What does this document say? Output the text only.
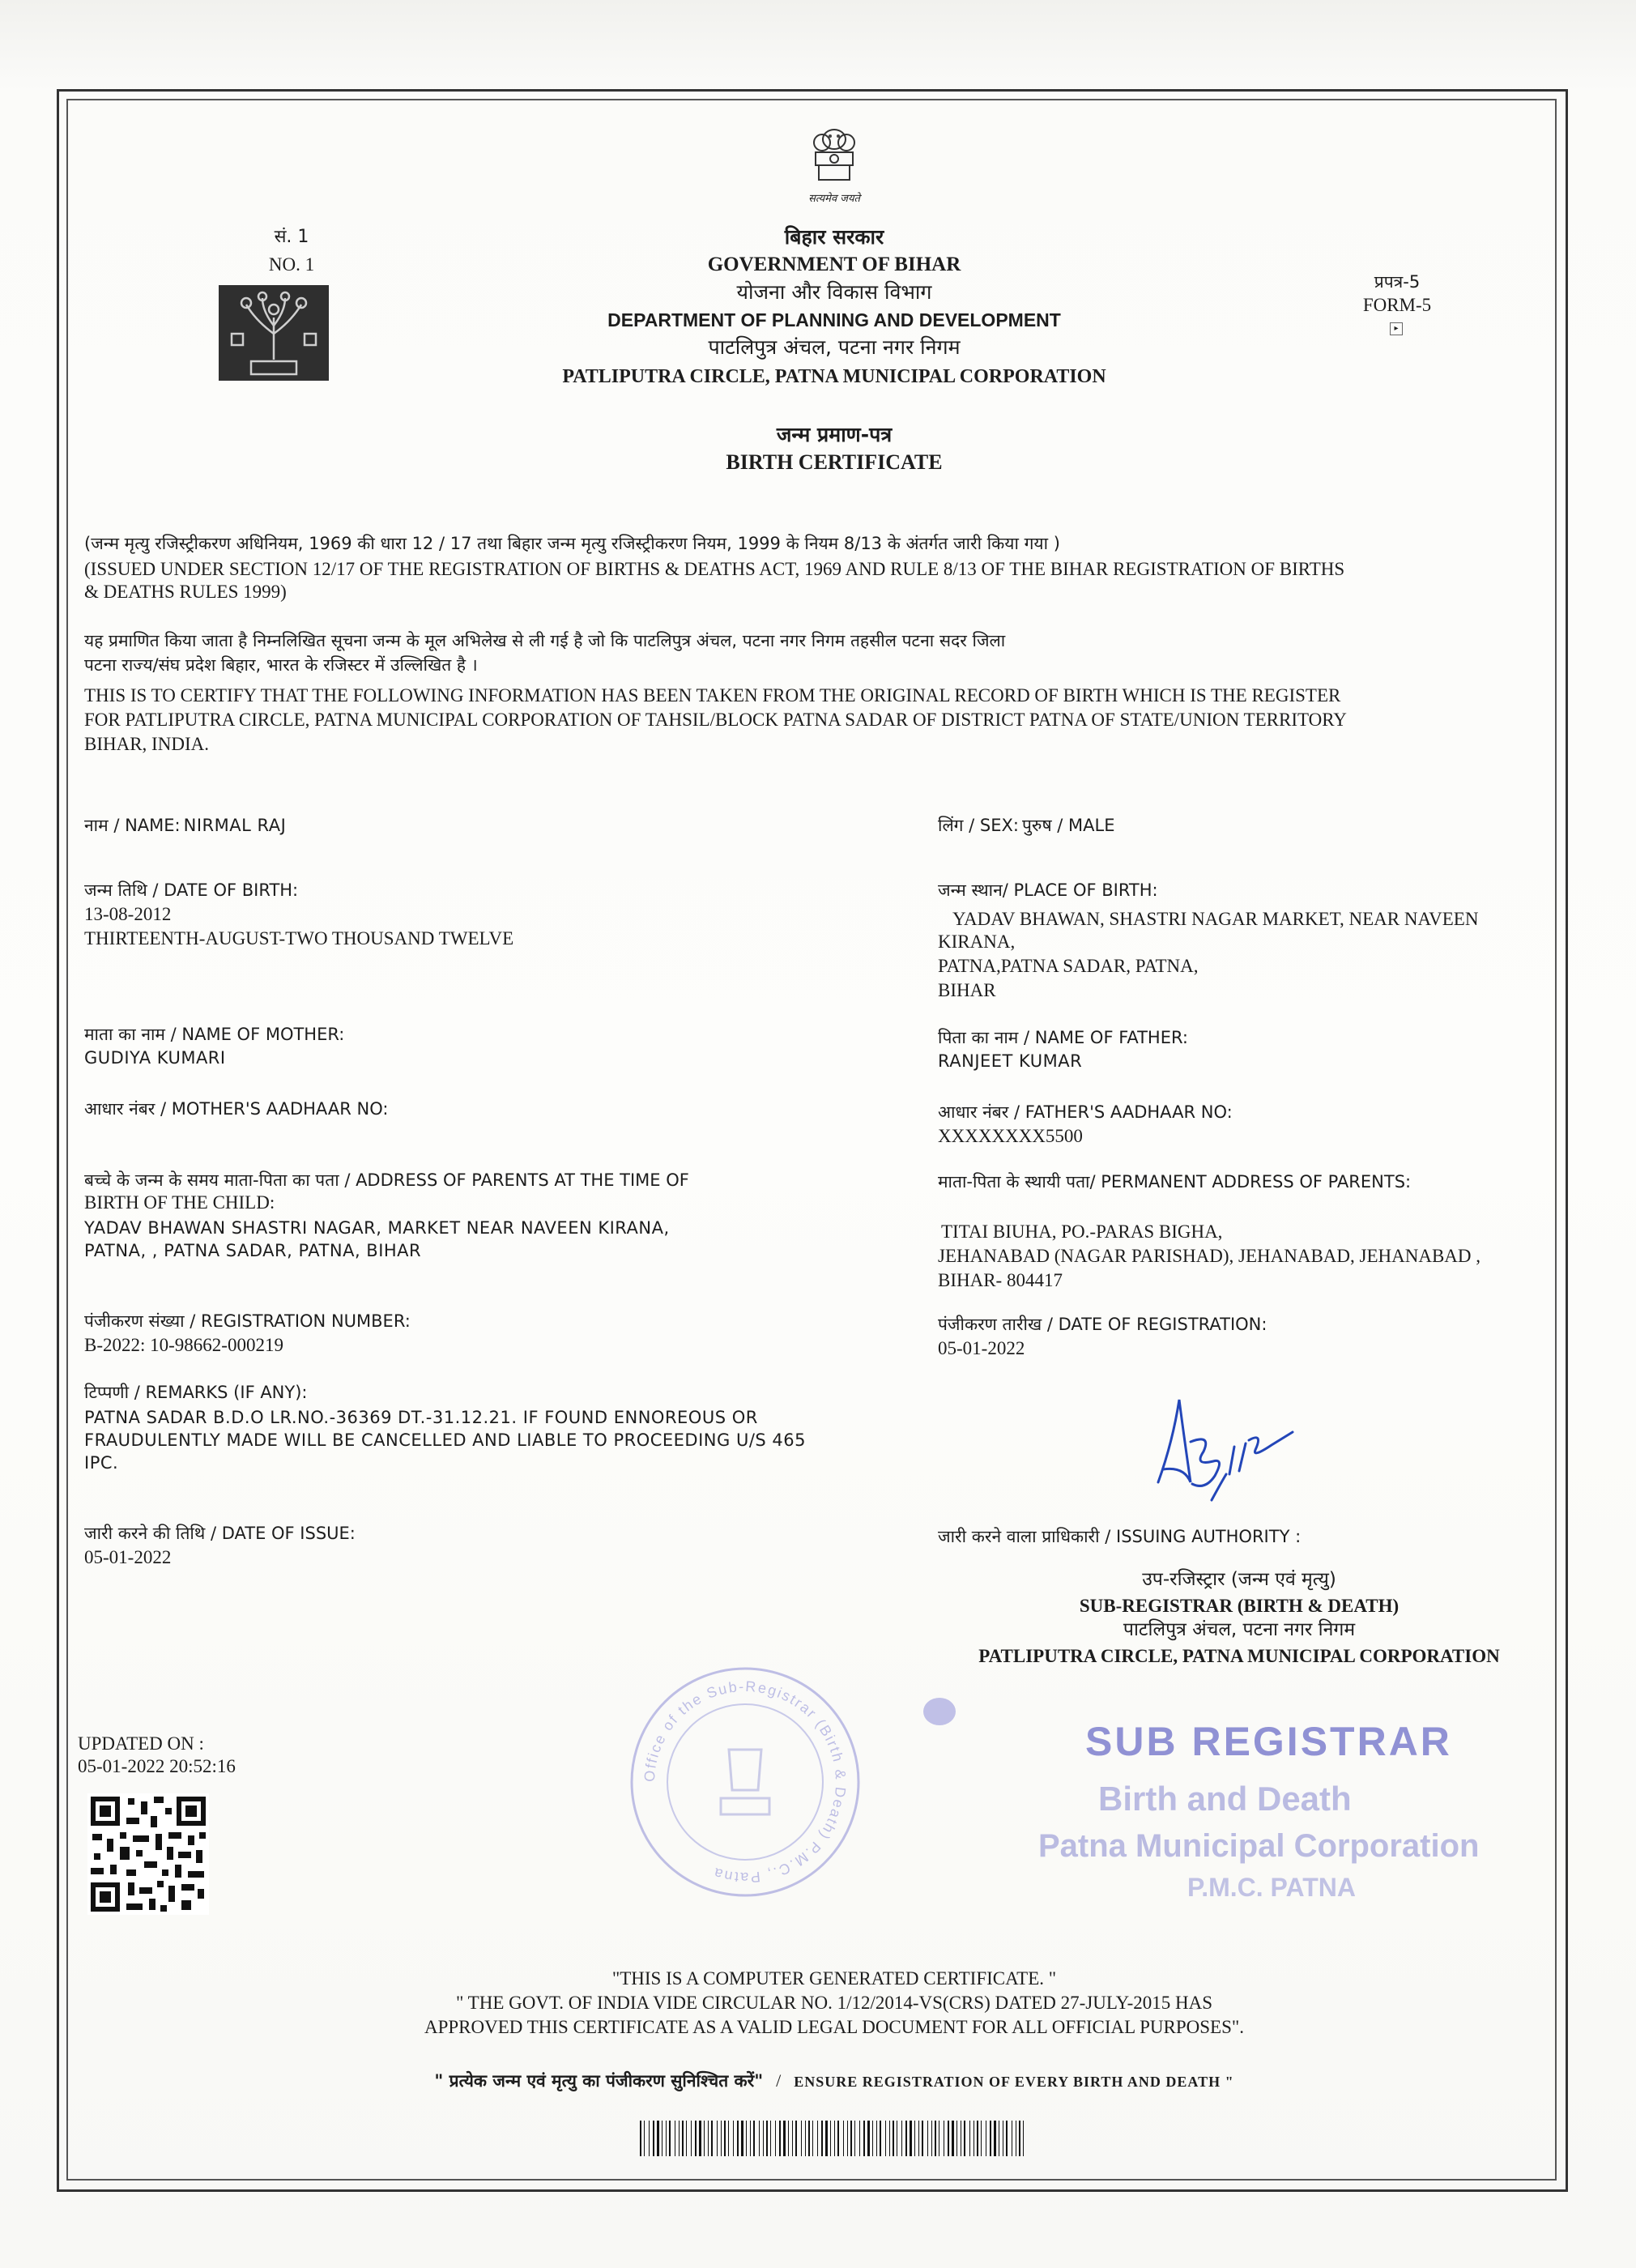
सत्यमेव जयते
सं. 1
NO. 1
बिहार सरकार
GOVERNMENT OF BIHAR
योजना और विकास विभाग
DEPARTMENT OF PLANNING AND DEVELOPMENT
पाटलिपुत्र अंचल, पटना नगर निगम
PATLIPUTRA CIRCLE, PATNA MUNICIPAL CORPORATION
प्रपत्र-5
FORM-5
▸
जन्म प्रमाण-पत्र
BIRTH CERTIFICATE
(जन्म मृत्यु रजिस्ट्रीकरण अधिनियम, 1969 की धारा 12 / 17 तथा बिहार जन्म मृत्यु रजिस्ट्रीकरण नियम, 1999 के नियम 8/13 के अंतर्गत जारी किया गया )
(ISSUED UNDER SECTION 12/17 OF THE REGISTRATION OF BIRTHS & DEATHS ACT, 1969 AND RULE 8/13 OF THE BIHAR REGISTRATION OF BIRTHS
& DEATHS RULES 1999)
यह प्रमाणित किया जाता है निम्नलिखित सूचना जन्म के मूल अभिलेख से ली गई है जो कि पाटलिपुत्र अंचल, पटना नगर निगम तहसील पटना सदर जिला
पटना राज्य/संघ प्रदेश बिहार, भारत के रजिस्टर में उल्लिखित है ।
THIS IS TO CERTIFY THAT THE FOLLOWING INFORMATION HAS BEEN TAKEN FROM THE ORIGINAL RECORD OF BIRTH WHICH IS THE REGISTER
FOR PATLIPUTRA CIRCLE, PATNA MUNICIPAL CORPORATION OF TAHSIL/BLOCK PATNA SADAR OF DISTRICT PATNA OF STATE/UNION TERRITORY
BIHAR, INDIA.
नाम / NAME: NIRMAL RAJ
जन्म तिथि / DATE OF BIRTH:
13-08-2012
THIRTEENTH-AUGUST-TWO THOUSAND TWELVE
माता का नाम / NAME OF MOTHER:
GUDIYA KUMARI
आधार नंबर / MOTHER'S AADHAAR NO:
बच्चे के जन्म के समय माता-पिता का पता / ADDRESS OF PARENTS AT THE TIME OF
BIRTH OF THE CHILD:
YADAV BHAWAN SHASTRI NAGAR, MARKET NEAR NAVEEN KIRANA,
PATNA, , PATNA SADAR, PATNA, BIHAR
पंजीकरण संख्या / REGISTRATION NUMBER:
B-2022: 10-98662-000219
टिप्पणी / REMARKS (IF ANY):
PATNA SADAR B.D.O LR.NO.-36369 DT.-31.12.21. IF FOUND ENNOREOUS OR
FRAUDULENTLY MADE WILL BE CANCELLED AND LIABLE TO PROCEEDING U/S 465
IPC.
जारी करने की तिथि / DATE OF ISSUE:
05-01-2022
लिंग / SEX: पुरुष / MALE
जन्म स्थान/ PLACE OF BIRTH:
YADAV BHAWAN, SHASTRI NAGAR MARKET, NEAR NAVEEN
KIRANA,
PATNA,PATNA SADAR, PATNA,
BIHAR
पिता का नाम / NAME OF FATHER:
RANJEET KUMAR
आधार नंबर / FATHER'S AADHAAR NO:
XXXXXXXX5500
माता-पिता के स्थायी पता/ PERMANENT ADDRESS OF PARENTS:
TITAI BIUHA, PO.-PARAS BIGHA,
JEHANABAD (NAGAR PARISHAD), JEHANABAD, JEHANABAD ,
BIHAR- 804417
पंजीकरण तारीख / DATE OF REGISTRATION:
05-01-2022
जारी करने वाला प्राधिकारी / ISSUING AUTHORITY :
उप-रजिस्ट्रार (जन्म एवं मृत्यु)
SUB-REGISTRAR (BIRTH & DEATH)
पाटलिपुत्र अंचल, पटना नगर निगम
PATLIPUTRA CIRCLE, PATNA MUNICIPAL CORPORATION
UPDATED ON :
05-01-2022 20:52:16	Office of the Sub-Registrar (Birth & Death) P.M.C., Patna
SUB REGISTRAR
Birth and Death
Patna Municipal Corporation
P.M.C. PATNA
"THIS IS A COMPUTER GENERATED CERTIFICATE. "
" THE GOVT. OF INDIA VIDE CIRCULAR NO. 1/12/2014-VS(CRS) DATED 27-JULY-2015 HAS
APPROVED THIS CERTIFICATE AS A VALID LEGAL DOCUMENT FOR ALL OFFICIAL PURPOSES".
" प्रत्येक जन्म एवं मृत्यु का पंजीकरण सुनिश्चित करें" / ENSURE REGISTRATION OF EVERY BIRTH AND DEATH "
